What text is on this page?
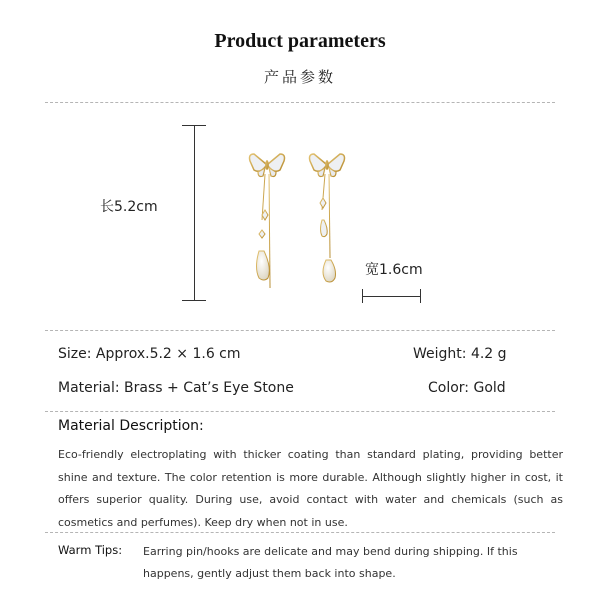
Product parameters
产品参数
长5.2cm
宽1.6cm
Size: Approx.5.2 × 1.6 cm	Weight: 4.2 g
Material: Brass + Cat’s Eye Stone	Color: Gold
Material Description:
Eco-friendly electroplating with thicker coating than standard plating, providing better shine and texture. The color retention is more durable. Although slightly higher in cost, it offers superior quality. During use, avoid contact with water and chemicals (such as cosmetics and perfumes). Keep dry when not in use.
Warm Tips: Earring pin/hooks are delicate and may bend during shipping. If this happens, gently adjust them back into shape.
